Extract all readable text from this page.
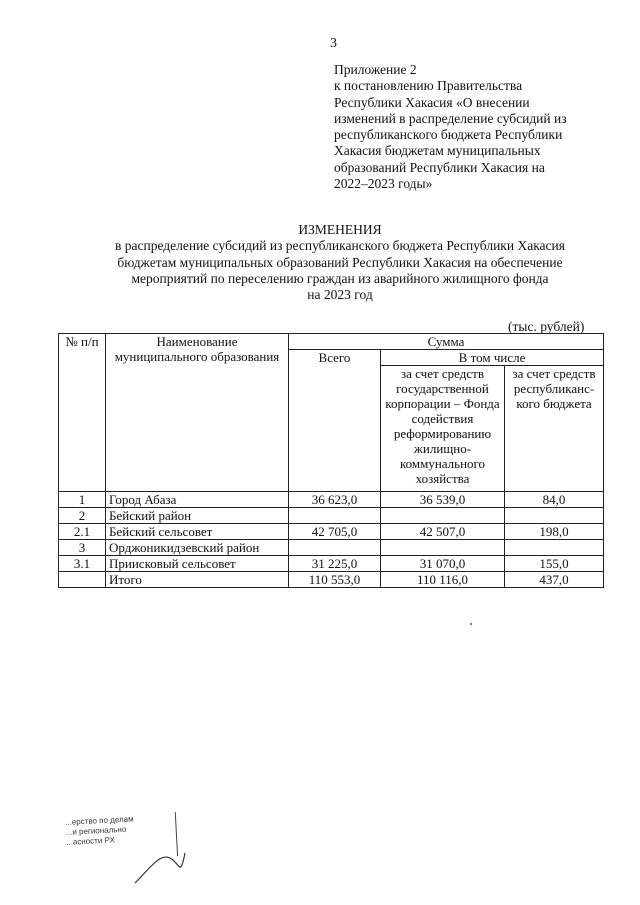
3
Приложение 2
к постановлению Правительства
Республики Хакасия «О внесении
изменений в распределение субсидий из
республиканского бюджета Республики
Хакасия бюджетам муниципальных
образований Республики Хакасия на
2022–2023 годы»
ИЗМЕНЕНИЯ
в распределение субсидий из республиканского бюджета Республики Хакасия
бюджетам муниципальных образований Республики Хакасия на обеспечение
мероприятий по переселению граждан из аварийного жилищного фонда
на 2023 год
(тыс. рублей)
№ п/п	Наименование муниципального образования	Сумма		
		Всего	В том числе	
			за счет средств государственной корпорации – Фонда содействия реформированию жилищно-коммунального хозяйства	за счет средств республиканс-кого бюджета
1	Город Абаза	36 623,0	36 539,0	84,0
2	Бейский район			
2.1	Бейский сельсовет	42 705,0	42 507,0	198,0
3	Орджоникидзевский район			
3.1	Приисковый сельсовет	31 225,0	31 070,0	155,0
	Итого	110 553,0	110 116,0	437,0
...ерство по делам
...и регионально
...асности РХ
